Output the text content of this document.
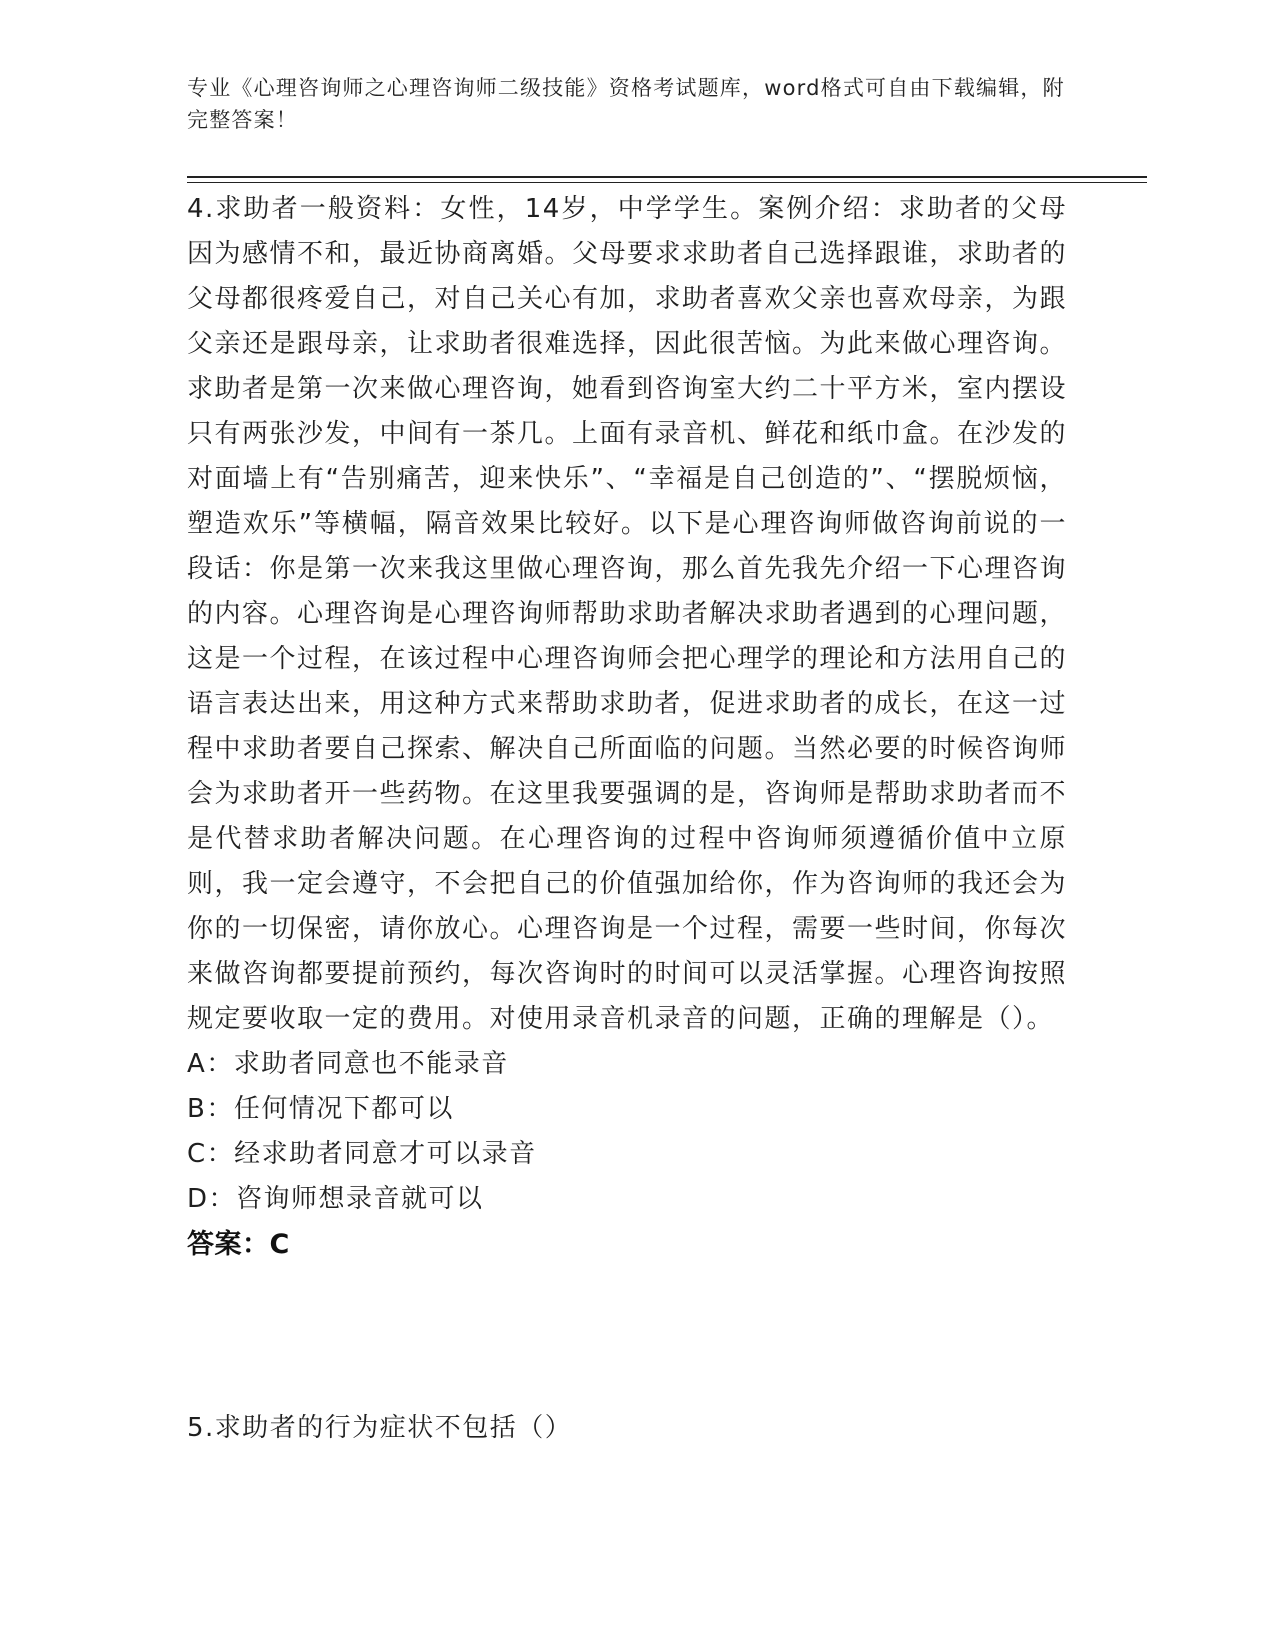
专业《心理咨询师之心理咨询师二级技能》资格考试题库，word格式可自由下载编辑，附完整答案！

4.求助者一般资料：女性，14岁，中学学生。案例介绍：求助者的父母因为感情不和，最近协商离婚。父母要求求助者自己选择跟谁，求助者的父母都很疼爱自己，对自己关心有加，求助者喜欢父亲也喜欢母亲，为跟父亲还是跟母亲，让求助者很难选择，因此很苦恼。为此来做心理咨询。求助者是第一次来做心理咨询，她看到咨询室大约二十平方米，室内摆设只有两张沙发，中间有一茶几。上面有录音机、鲜花和纸巾盒。在沙发的对面墙上有“告别痛苦，迎来快乐”、“幸福是自己创造的”、“摆脱烦恼，塑造欢乐”等横幅，隔音效果比较好。以下是心理咨询师做咨询前说的一段话：你是第一次来我这里做心理咨询，那么首先我先介绍一下心理咨询的内容。心理咨询是心理咨询师帮助求助者解决求助者遇到的心理问题，这是一个过程，在该过程中心理咨询师会把心理学的理论和方法用自己的语言表达出来，用这种方式来帮助求助者，促进求助者的成长，在这一过程中求助者要自己探索、解决自己所面临的问题。当然必要的时候咨询师会为求助者开一些药物。在这里我要强调的是，咨询师是帮助求助者而不是代替求助者解决问题。在心理咨询的过程中咨询师须遵循价值中立原则，我一定会遵守，不会把自己的价值强加给你，作为咨询师的我还会为你的一切保密，请你放心。心理咨询是一个过程，需要一些时间，你每次来做咨询都要提前预约，每次咨询时的时间可以灵活掌握。心理咨询按照规定要收取一定的费用。对使用录音机录音的问题，正确的理解是（）。

A：求助者同意也不能录音
B：任何情况下都可以
C：经求助者同意才可以录音
D：咨询师想录音就可以

答案：C

5.求助者的行为症状不包括（）
